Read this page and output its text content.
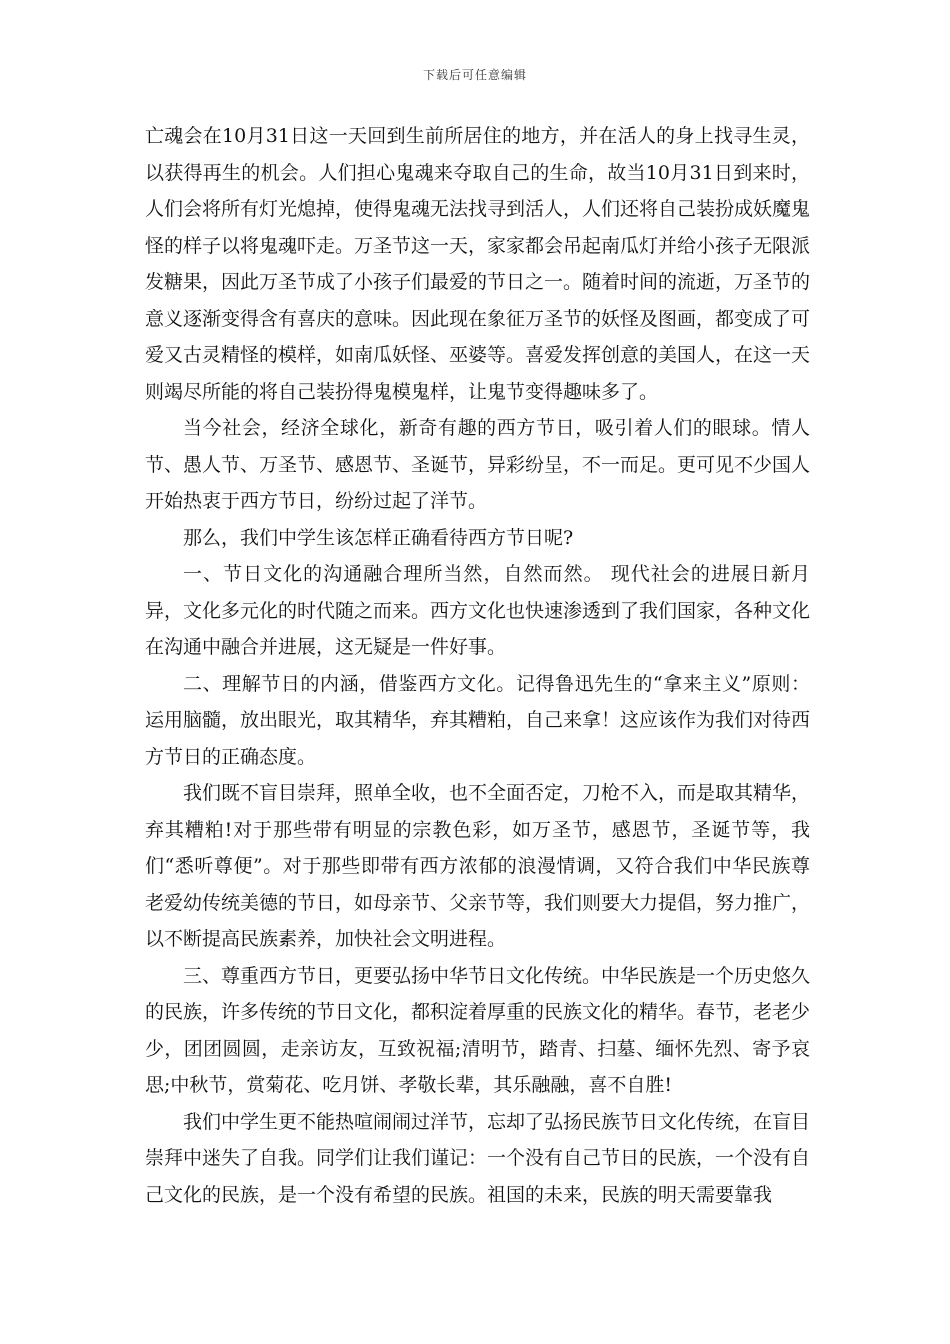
下载后可任意编辑

亡魂会在10月31日这一天回到生前所居住的地方，并在活人的身上找寻生灵，以获得再生的机会。人们担心鬼魂来夺取自己的生命，故当10月31日到来时，人们会将所有灯光熄掉，使得鬼魂无法找寻到活人，人们还将自己装扮成妖魔鬼怪的样子以将鬼魂吓走。万圣节这一天，家家都会吊起南瓜灯并给小孩子无限派发糖果，因此万圣节成了小孩子们最爱的节日之一。随着时间的流逝，万圣节的意义逐渐变得含有喜庆的意味。因此现在象征万圣节的妖怪及图画，都变成了可爱又古灵精怪的模样，如南瓜妖怪、巫婆等。喜爱发挥创意的美国人，在这一天则竭尽所能的将自己装扮得鬼模鬼样，让鬼节变得趣味多了。

当今社会，经济全球化，新奇有趣的西方节日，吸引着人们的眼球。情人节、愚人节、万圣节、感恩节、圣诞节，异彩纷呈，不一而足。更可见不少国人开始热衷于西方节日，纷纷过起了洋节。

那么，我们中学生该怎样正确看待西方节日呢?

一、节日文化的沟通融合理所当然，自然而然。 现代社会的进展日新月异，文化多元化的时代随之而来。西方文化也快速渗透到了我们国家，各种文化在沟通中融合并进展，这无疑是一件好事。

二、理解节日的内涵，借鉴西方文化。记得鲁迅先生的“拿来主义”原则：运用脑髓，放出眼光，取其精华，弃其糟粕，自己来拿！这应该作为我们对待西方节日的正确态度。

我们既不盲目崇拜，照单全收，也不全面否定，刀枪不入，而是取其精华，弃其糟粕!对于那些带有明显的宗教色彩，如万圣节，感恩节，圣诞节等，我们“悉听尊便”。对于那些即带有西方浓郁的浪漫情调，又符合我们中华民族尊老爱幼传统美德的节日，如母亲节、父亲节等，我们则要大力提倡，努力推广，以不断提高民族素养，加快社会文明进程。

三、尊重西方节日，更要弘扬中华节日文化传统。中华民族是一个历史悠久的民族，许多传统的节日文化，都积淀着厚重的民族文化的精华。春节，老老少少，团团圆圆，走亲访友，互致祝福;清明节，踏青、扫墓、缅怀先烈、寄予哀思;中秋节，赏菊花、吃月饼、孝敬长辈，其乐融融，喜不自胜!

我们中学生更不能热喧闹闹过洋节，忘却了弘扬民族节日文化传统，在盲目崇拜中迷失了自我。同学们让我们谨记：一个没有自己节日的民族，一个没有自己文化的民族，是一个没有希望的民族。祖国的未来，民族的明天需要靠我
